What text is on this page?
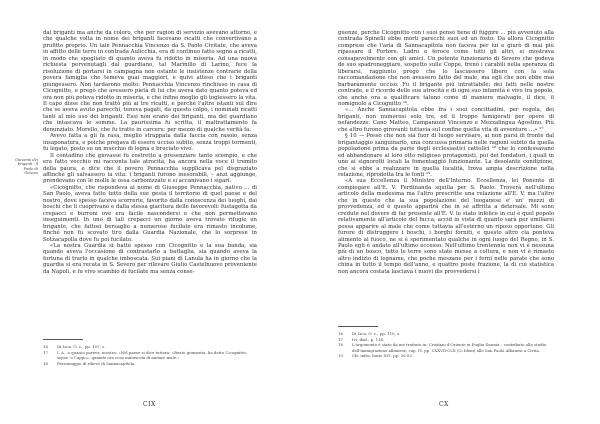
dai briganti ma anche da coloro, che per ragion di servizio avevano attorno, e che qualche volta in nome dei briganti facevano ricatti che convertivano a profitto proprio. Un tale Pennacchia Vincenzo da S. Paolo Civitate, che aveva in affitto delle terre in contrada Aulicchia, era di continuo fatto segno a ricatti, in modo che spogliato di quanto aveva fu ridotto in miseria. Ad una nuova richiesta pervenutagli dal guardiano, tal Marinillo di Larino, fece la risoluzione di portarsi in campagna non ostante le insistenze contrarie della povera famiglia che temeva guai maggiori, e quivi atteso che i briganti giungessero. Non tardarono molto: Pennacchia Vincenzo rinchiuso in casa di Cicognitto, e pregò che avessero pietà di lui che aveva dato quanto poteva ed ora non più poteva ridotto in miseria, e che infine meglio gli toglessero la vita. Il capo disse che non trattò più ai tre ricatti, e perché l'altre istanti sul dire che se aveva avuto parecchi, teneva pagati, da questo colpo, i nominati ricatti tanti al mio uso dei briganti. Essi non erano dei briganti, ma del guardiano che intascava le somme. La paurissima fu scritta, il maltrattamento fa denunziato. Morello, che fu tratto in carcere: per mezzo di qualche verità fa.

Avevo fatta a gli fa rasa, meglio strappata dalla faccia con rasoio, senza insaponatura, e poichè pregava di essere ucciso subito, senza troppi tormenti, fu legato, posto su un mucchio di legna e bruciato vivo.

Il contadino che giovasse fu costretto a presenziare tanto scempio, e che era fatto vecchio mi racconta tale atrocità, ha ancora nella voce il tremito della paura, e dice che il povero Pennacchia supplicava pel disgraziato affinchè gli salvassero la vita: i briganti furono inesorabili, – anzi aggiunge, prendevano con le molle le ossa carbonizzate e si accanivano i sigari.

«Cicognitto, che rispondeva al nome di Giuseppe Pennacchia, nativo ... di San Paolo, aveva fatto tutto della sue gesta il territorio di quel paese e del nostro, dove spesso faceva scorrerie, favorito dalla conoscenza dei luoghi, dai boschi che li cuoprivano e dalla stessa giacitura delle favorevoli: fustagotta da crepacci e burroni ove era facile nascondersi e che non permettevano inseguimenti. In uno di tali crepacci un giorno aveva trovato rifugio un brigante, che fattosi bersaglio a numerose fucilate era rimasto incolume, finché non fu scovato tiro dalla Guardia Nazionale, che lo sorprese in Sotzacapolla dove fu poi fucilato.

«La nostra Guardia si battè spesso con Cicognitto e la sua banda, sia quando aveva l'occasione di contrastarlo a battaglia, sia quando aveva la fortuna di trarlo in qualche imboscata. Sui piani di Lanula ha in giorno che la guardia si era recata in S. Severo per rilevare Giulio Castelnuovo proveniente da Napoli, e fu vivo scambio di fucilate ma senza conse-

Giovanni dei briganti · il Paolo di Genova
16	Di Lica, O. c., pp. 107, s.
17	I. A., a quanto pareva, mostra: «Nel paese si dice tuttora: «Beato giumenta, ha detto Cicognitto, sepse 'o Cappo», quando ora cosa minuscola di andare male.»
18	Personaggio di rilievo di Sannacapitola.
CIX

guenze, perchè Cicognitto con i suoi pensò bene di fuggire ... più avvenuto alla contrada Spinelli ebbe morti parecchi suoi ed un fosto. Da allora Cicognitto comprese che l'aria di Sannacapitola non faceva per lui e giurò di mai più ripassare il Fortore. Ladro e feroce come tutti gli altri, si mostrava consapevolmente con gli amici. Un potente funzionario di Severo che godeva de suo spadroneggiare, sospetto sulle Coppe, frenò i carabili nella speranza di liberarsi, raggiunto pregò che lo lasciassero libero con la sola raccomandazione che non avessero fatto del male, ma egli che non ebbe mai barbaramente ucciso. Fu il brigante più intrattabile; dei fatti nelle nostre contrade, e il ricordo delle sue atrocità e di ogni suo infamità è vivo tra popolo, che anche ora a qualificare taluno come di maniere malvagie, il dice, il nomignolo a Cicognitto ¹⁶.

«... Anche Sannacapitola ebbe fra i suoi concittadini, per regola, dei briganti, non numerosi solo tre, ed il troppo famigerati per opere di nefandezze: Cano Matteo, Campanozzi Vincenzo e Mezzalingua Agostino. Più che altro furono girovanti tuttavia sul confine quella vita di avventure ...» ¹⁷

§ 10 — Posso che non sia fuor di luogo servisare, ai non parsi di fronte dal brigantaggio sanguinario, una concussa primaria nelle ragioni subito da quella popolazione prima da parte degli ecclesiastici cattolici ¹⁸ che lo confessavano ed abbandonare al loro otto religioso protagonisti, poi dei fondatori, i quali in uno ai signorotti locali la fomentaggiò funzionante. La desolante condizione, che si ebbe a realizzare in quella località, trova ampia descrizione nella relazione, riprodotta tra le fonti ¹⁹.

«A sua Eccellenza il Ministro dell'Interno. Eccellenza, lei Ponente di compiegare all'E. V. Ferdinanda squilla per S. Paolo. Troverà nell'ultimo articolo della medesima ma l'altro prescritte una relazione all'E. V. ma l'altro che in questo che la sua popolazione del luoganese e' un' mezzi di provvedenza, ed è questo apparirà che in sé affritta a detersale. Mi sono credute nel dovere di far presente all'E. V. lo stato infelice in cui è quel popolo relativamente all'articolo del fucca, accid in vista di quanto sarà per umiliarsi possa apparire al male che come tuttavia all'esterno un riposo opportuno. Gli furore di distruggere i boschi, i borghi forniti, e questo altro cla ponteva alimento al fuoco, ne si è sperimentato qualche in ogni luogo del Regno, in S. Paolo egli è andato all'ultimo eccesso. Nell'ultimo trentennio non vi è nessuna più di un bosco, tutto le terre sono state messe a coltura, e non vi è rimasto altro indizio di legname, che poche meszane per i forni nelle parate che sono china in tutto il tempo dell'anno, e quattro poste frazione, la di cui statistica non ancora costata lasciava i nuovi dis provvedersi i

16	Di Lica, O. c., pp. 110, s.
17	Ivi, ibid., p. 114.
18	L'argomento è stato da me trattato in: Cristiani d'Oriente in Puglia Daunia – contributo alla studio dell'immigrazione albanese, cap. IV, pp. CXXVII-CLX (Ci Idem) alle San Paolo Albanesi a Civita.
19	Cfr. infra, fonte XVI, pp. 30-53.
CX
